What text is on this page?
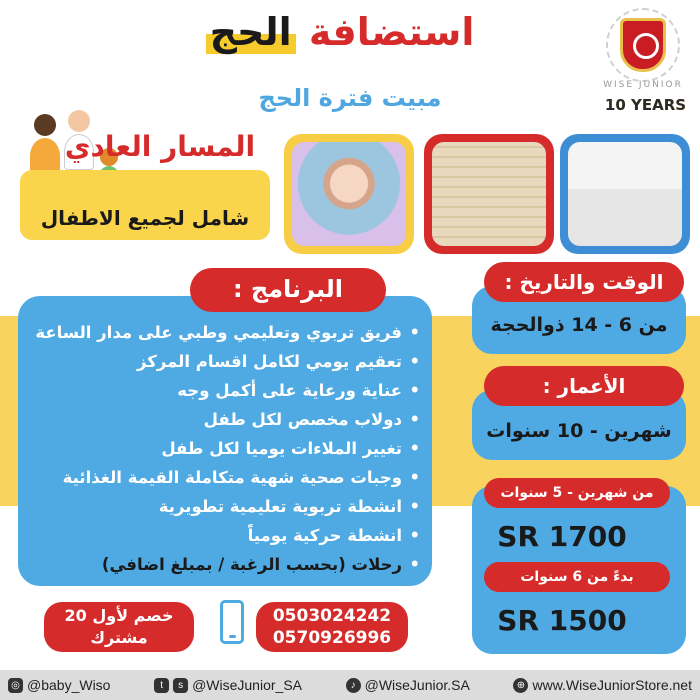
استضافة الحج
مبيت فترة الحج	WISE JUNIOR
10 YEARS
المسار العادي
شامل لجميع الاطفال
البرنامج :
• فريق تربوي وتعليمي وطبي على مدار الساعة
• تعقيم يومي لكامل اقسام المركز
• عناية ورعاية على أكمل وجه
• دولاب مخصص لكل طفل
• تغيير الملاءات يوميا لكل طفل
• وجبات صحية شهية متكاملة القيمة الغذائية
• انشطة تربوية تعليمية تطويرية
• انشطة حركية يومياً
• رحلات (بحسب الرغبة / بمبلغ اضافي)
الوقت والتاريخ :
من 6 - 14 ذوالحجة
الأعمار :
شهرين - 10 سنوات
من شهرين - 5 سنوات
1700 SR
بدءً من 6 سنوات
1500 SR
خصم لأول 20 مشترك
0503024242
0570926996
◎ @baby_Wiso	t	s @WiseJunior_SA	♪ @WiseJunior.SA	⊕ www.WiseJuniorStore.net
